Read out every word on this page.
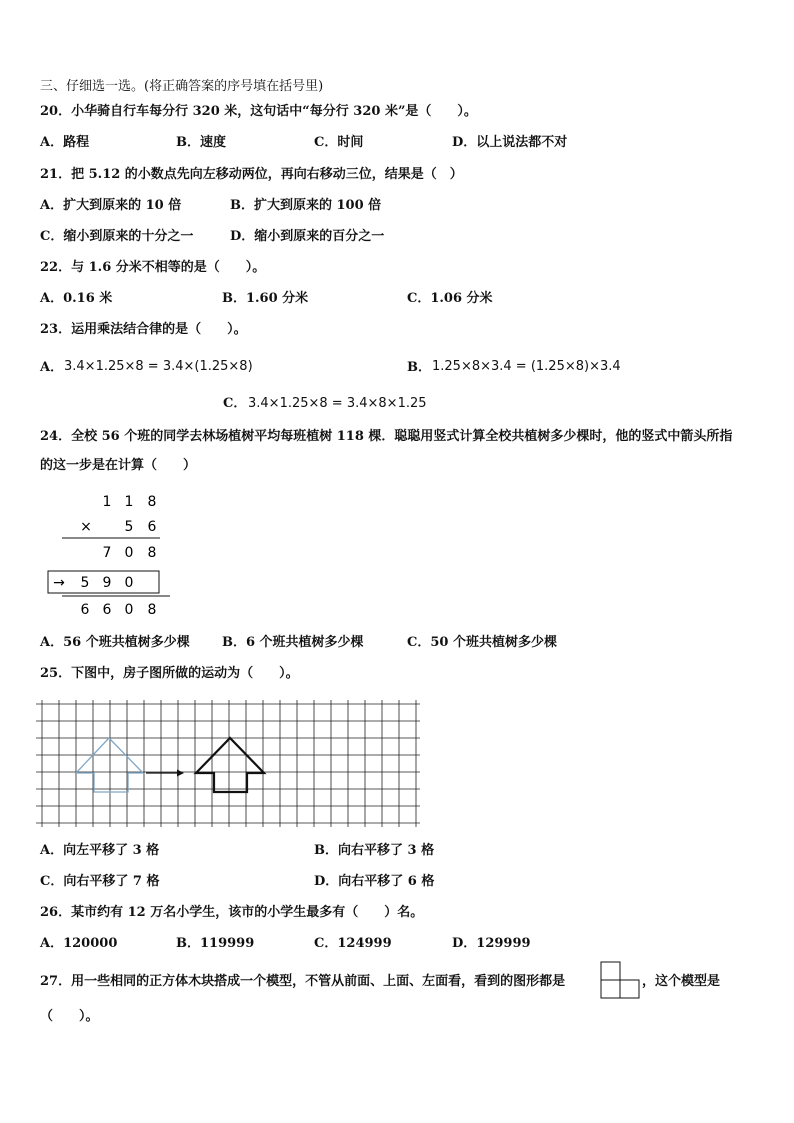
三、仔细选一选。(将正确答案的序号填在括号里)
20．小华骑自行车每分行 320 米，这句话中“每分行 320 米”是（　　）。
A．路程	B．速度	C．时间	D．以上说法都不对
21．把 5.12 的小数点先向左移动两位，再向右移动三位，结果是（　）
A．扩大到原来的 10 倍	B．扩大到原来的 100 倍
C．缩小到原来的十分之一	D．缩小到原来的百分之一
22．与 1.6 分米不相等的是（　　）。
A．0.16 米	B．1.60 分米	C．1.06 分米
23．运用乘法结合律的是（　　）。
A． 3.4×1.25×8 = 3.4×(1.25×8)	B． 1.25×8×3.4 = (1.25×8)×3.4
C． 3.4×1.25×8 = 3.4×8×1.25
24．全校 56 个班的同学去林场植树平均每班植树 118 棵．聪聪用竖式计算全校共植树多少棵时，他的竖式中箭头所指
的这一步是在计算（　　）
1 1 8
× 5 6
7 0 8
→ 5 9 0
6 6 0 8
A．56 个班共植树多少棵 B．6 个班共植树多少棵	C．50 个班共植树多少棵
25．下图中，房子图所做的运动为（　　）。
A．向左平移了 3 格	B．向右平移了 3 格
C．向右平移了 7 格	D．向右平移了 6 格
26．某市约有 12 万名小学生，该市的小学生最多有（　　）名。
A．120000	B．119999	C．124999	D．129999
27．用一些相同的正方体木块搭成一个模型，不管从前面、上面、左面看，看到的图形都是	，这个模型是
（　　）。
